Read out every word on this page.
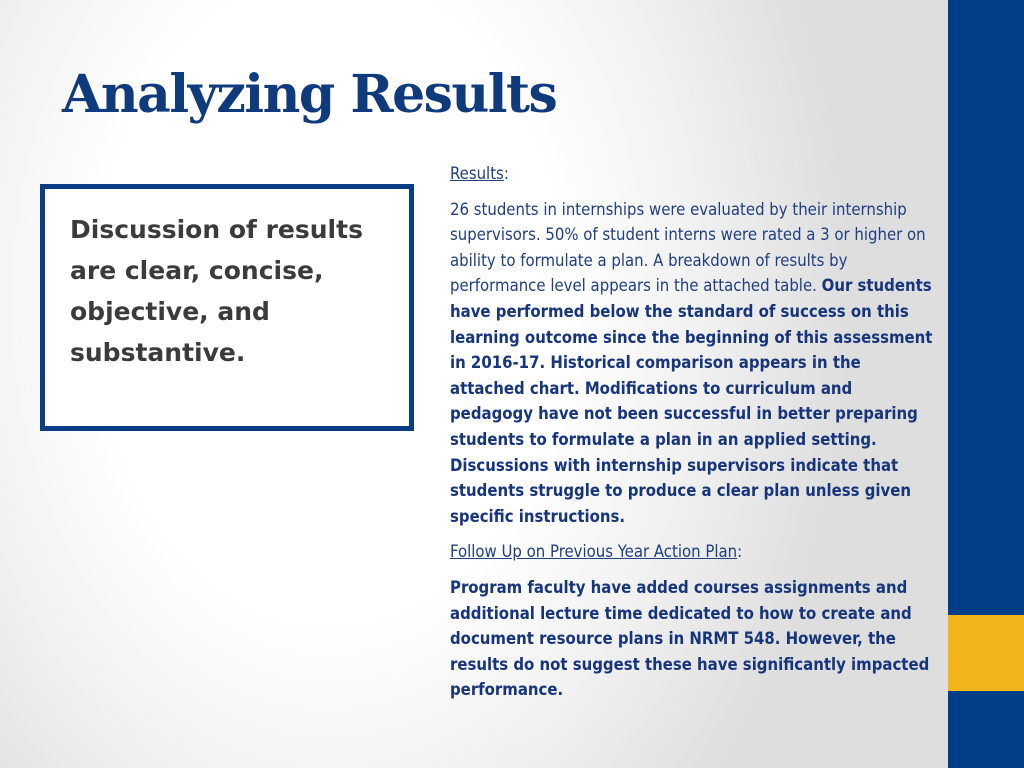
Analyzing Results
Discussion of results are clear, concise, objective, and substantive.

Results:

26 students in internships were evaluated by their internship supervisors. 50% of student interns were rated a 3 or higher on ability to formulate a plan. A breakdown of results by performance level appears in the attached table. Our students have performed below the standard of success on this learning outcome since the beginning of this assessment in 2016-17. Historical comparison appears in the attached chart. Modifications to curriculum and pedagogy have not been successful in better preparing students to formulate a plan in an applied setting. Discussions with internship supervisors indicate that students struggle to produce a clear plan unless given specific instructions.

Follow Up on Previous Year Action Plan:

Program faculty have added courses assignments and additional lecture time dedicated to how to create and document resource plans in NRMT 548. However, the results do not suggest these have significantly impacted performance.
